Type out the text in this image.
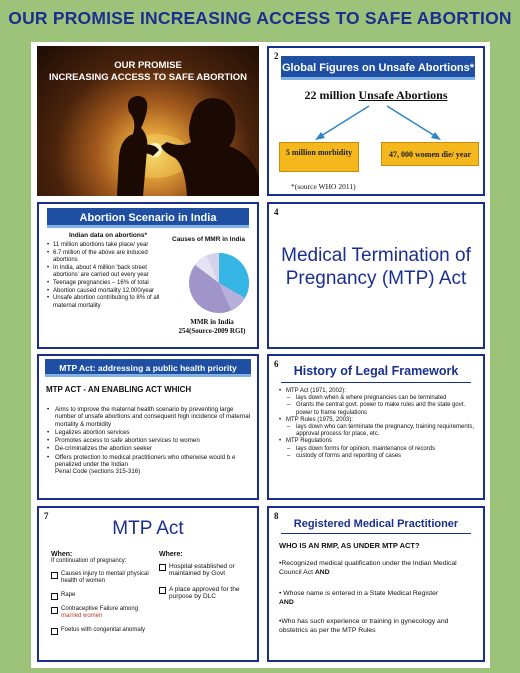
OUR PROMISE INCREASING ACCESS TO SAFE ABORTION
OUR PROMISE
INCREASING ACCESS TO SAFE ABORTION
2
Global Figures on Unsafe Abortions*
22 million Unsafe Abortions
5 million morbidity	47, 000 women die/ year
*(source WHO 2011)
Abortion Scenario in India
Indian data on abortions*
• 11 million abortions take place/ year
• 6.7 million of the above are induced abortions
• In India, about 4 million 'back street abortions' are carried out every year
• Teenage pregnancies – 16% of total
• Abortion caused mortality 12,000/year
• Unsafe abortion contributing to 8% of all maternal mortality
Causes of MMR in India
MMR in India
254(Source-2009 RGI)
4
Medical Termination of
Pregnancy (MTP) Act
MTP Act: addressing a public health priority
MTP ACT - AN ENABLING ACT WHICH
• Aims to improve the maternal health scenario by preventing large number of unsafe abortions and consequent high incidence of maternal mortality & morbidity
• Legalizes abortion services
• Promotes access to safe abortion services to women
• De-criminalizes the abortion seeker
• Offers protection to medical practitioners who otherwise would b e penalized under the Indian
Penal Code (sections 315-316)
6	History of Legal Framework
• MTP Act (1971, 2002):
– lays down when & where pregnancies can be terminated
– Grants the central govt. power to make rules and the state govt. power to frame regulations
• MTP Rules (1975, 2003):
– lays down who can terminate the pregnancy, training requirements, approval process for place, etc.
• MTP Regulations
– lays down forms for opinion, maintenance of records
– custody of forms and reporting of cases
7
MTP Act
When:
If continuation of pregnancy:
Causes injury to mental/ physical health of women
Rape
Contraceptive Failure among
married women
Foetus with congenital anomaly
Where:
Hospital established or maintained by Govt
A place approved for the purpose by DLC
8
Registered Medical Practitioner
WHO IS AN RMP, AS UNDER MTP ACT?
•Recognized medical qualification under the Indian Medical Council Act AND
• Whose name is entered in a State Medical Register
AND
•Who has such experience or training in gynecology and obstetrics as per the MTP Rules
